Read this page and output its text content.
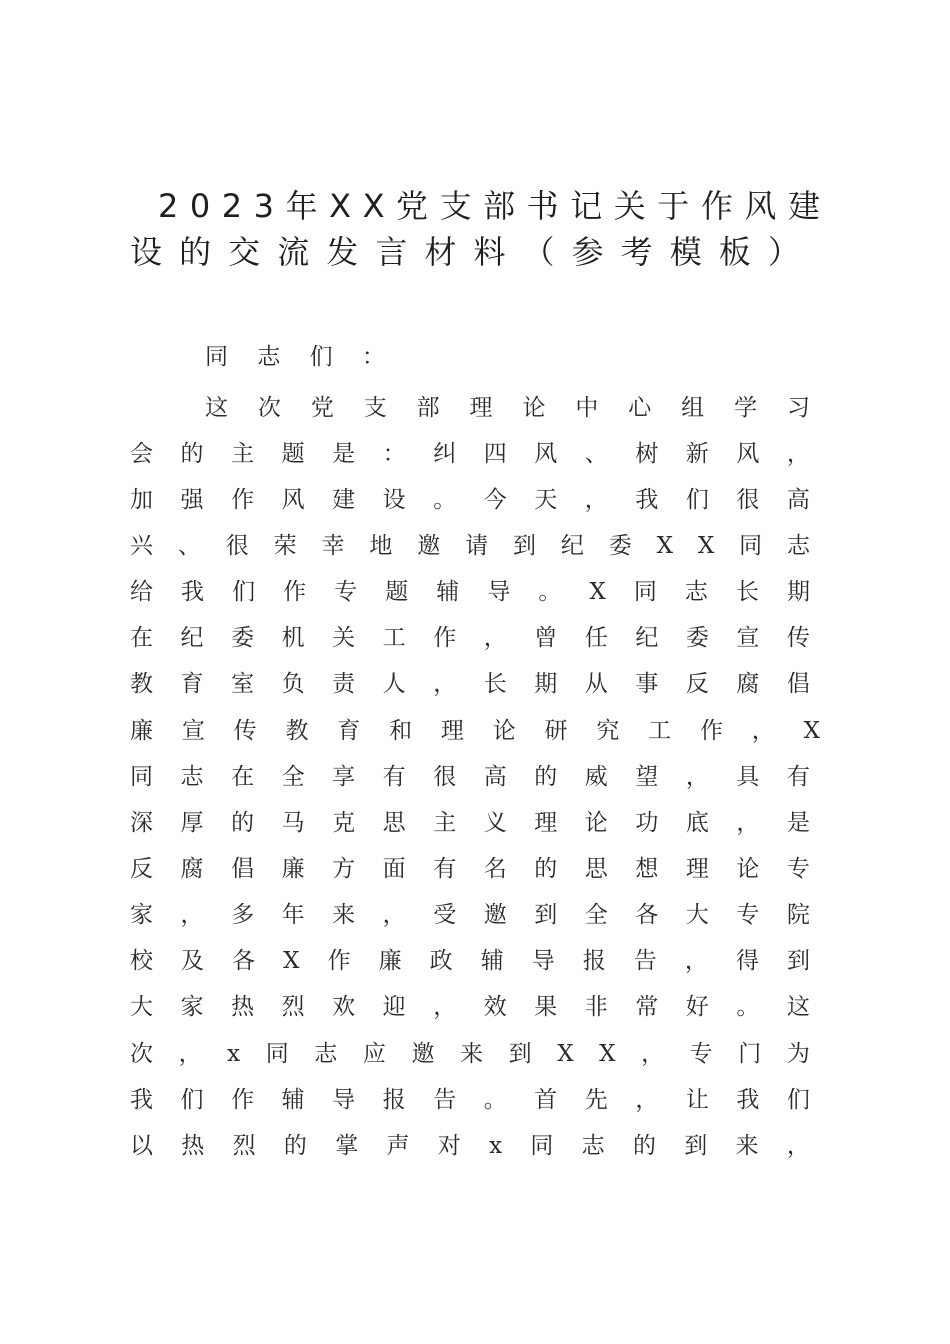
2 0 2 3 年 X X 党 支 部 书 记 关 于 作 风 建
设 的 交 流 发 言 材 料 （ 参 考 模 板 ）
同 志 们 ：
这 次 党 支 部 理 论 中 心 组 学 习
会 的 主 题 是 ： 纠 四 风 、 树 新 风 ，
加 强 作 风 建 设 。 今 天 ， 我 们 很 高
兴 、 很 荣 幸 地 邀 请 到 纪 委 X X 同 志
给 我 们 作 专 题 辅 导 。 X 同 志 长 期
在 纪 委 机 关 工 作 ， 曾 任 纪 委 宣 传
教 育 室 负 责 人 ， 长 期 从 事 反 腐 倡
廉 宣 传 教 育 和 理 论 研 究 工 作 ， X
同 志 在 全 享 有 很 高 的 威 望 ， 具 有
深 厚 的 马 克 思 主 义 理 论 功 底 ， 是
反 腐 倡 廉 方 面 有 名 的 思 想 理 论 专
家 ， 多 年 来 ， 受 邀 到 全 各 大 专 院
校 及 各 X 作 廉 政 辅 导 报 告 ， 得 到
大 家 热 烈 欢 迎 ， 效 果 非 常 好 。 这
次 ， x 同 志 应 邀 来 到 X X ， 专 门 为
我 们 作 辅 导 报 告 。 首 先 ， 让 我 们
以 热 烈 的 掌 声 对 x 同 志 的 到 来 ，
